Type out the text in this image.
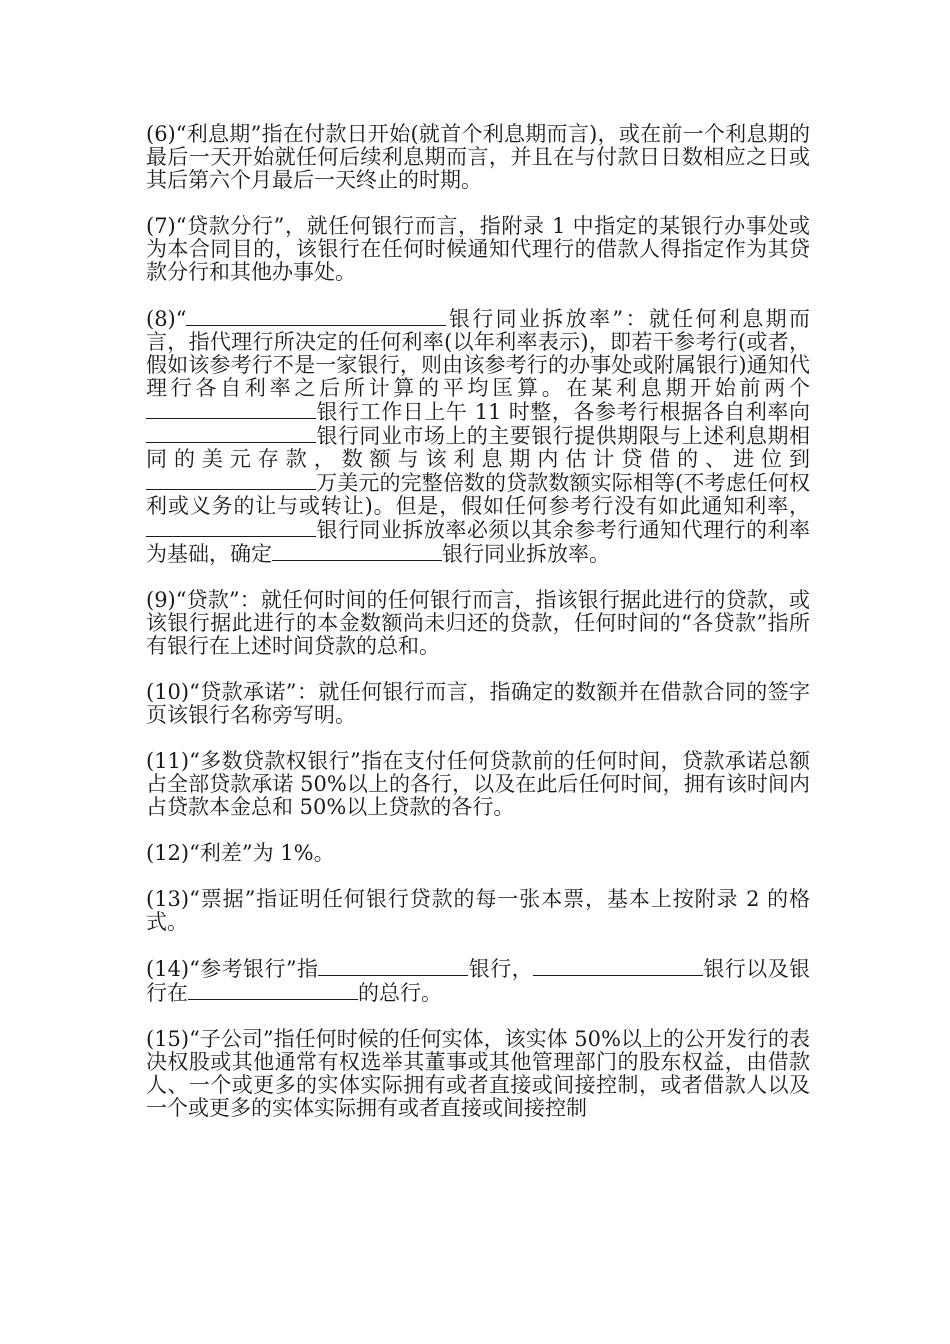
(6)“利息期”指在付款日开始(就首个利息期而言)，或在前一个利息期的最后一天开始就任何后续利息期而言，并且在与付款日日数相应之日或其后第六个月最后一天终止的时期。

(7)“贷款分行”，就任何银行而言，指附录 1 中指定的某银行办事处或为本合同目的，该银行在任何时候通知代理行的借款人得指定作为其贷款分行和其他办事处。

(8)“	银行同业拆放率”：就任何利息期而言，指代理行所决定的任何利率(以年利率表示)，即若干参考行(或者，假如该参考行不是一家银行，则由该参考行的办事处或附属银行)通知代理行各自利率之后所计算的平均匡算。在某利息期开始前两个银行工作日上午 11 时整，各参考行根据各自利率向银行同业市场上的主要银行提供期限与上述利息期相同的美元存款，数额与该利息期内估计贷借的、进位到万美元的完整倍数的贷款数额实际相等(不考虑任何权利或义务的让与或转让)。但是，假如任何参考行没有如此通知利率，银行同业拆放率必须以其余参考行通知代理行的利率为基础，确定	银行同业拆放率。

(9)“贷款”：就任何时间的任何银行而言，指该银行据此进行的贷款，或该银行据此进行的本金数额尚未归还的贷款，任何时间的“各贷款”指所有银行在上述时间贷款的总和。

(10)“贷款承诺”：就任何银行而言，指确定的数额并在借款合同的签字页该银行名称旁写明。

(11)“多数贷款权银行”指在支付任何贷款前的任何时间，贷款承诺总额占全部贷款承诺 50%以上的各行，以及在此后任何时间，拥有该时间内占贷款本金总和 50%以上贷款的各行。

(12)“利差”为 1%。

(13)“票据”指证明任何银行贷款的每一张本票，基本上按附录 2 的格式。

(14)“参考银行”指	银行，	银行以及银行在	的总行。

(15)“子公司”指任何时候的任何实体，该实体 50%以上的公开发行的表决权股或其他通常有权选举其董事或其他管理部门的股东权益，由借款人、一个或更多的实体实际拥有或者直接或间接控制，或者借款人以及一个或更多的实体实际拥有或者直接或间接控制
